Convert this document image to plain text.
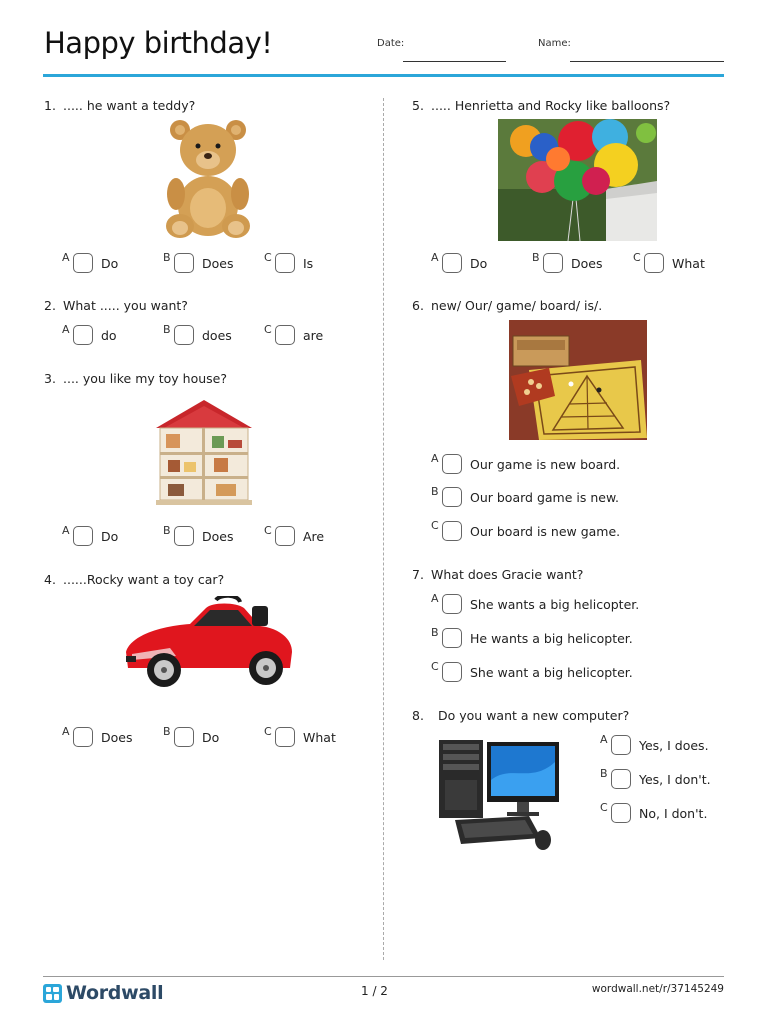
Happy birthday!	Date:	Name:
1. ..... he want a teddy?
A	Do	B	Does	C	Is
2. What ..... you want?
A	do	B	does	C	are
3. .... you like my toy house?
A	Do	B	Does	C	Are
4. ......Rocky want a toy car?
A	Does	B	Do	C	What
5. ..... Henrietta and Rocky like balloons?
A	Do	B	Does	C	What
6. new/ Our/ game/ board/ is/.
A	Our game is new board.
B	Our board game is new.
C	Our board is new game.
7. What does Gracie want?
A	She wants a big helicopter.
B	He wants a big helicopter.
C	She want a big helicopter.
8. Do you want a new computer?
A	Yes, I does.
B	Yes, I don't.
C	No, I don't.
Wordwall	1 / 2	wordwall.net/r/37145249
